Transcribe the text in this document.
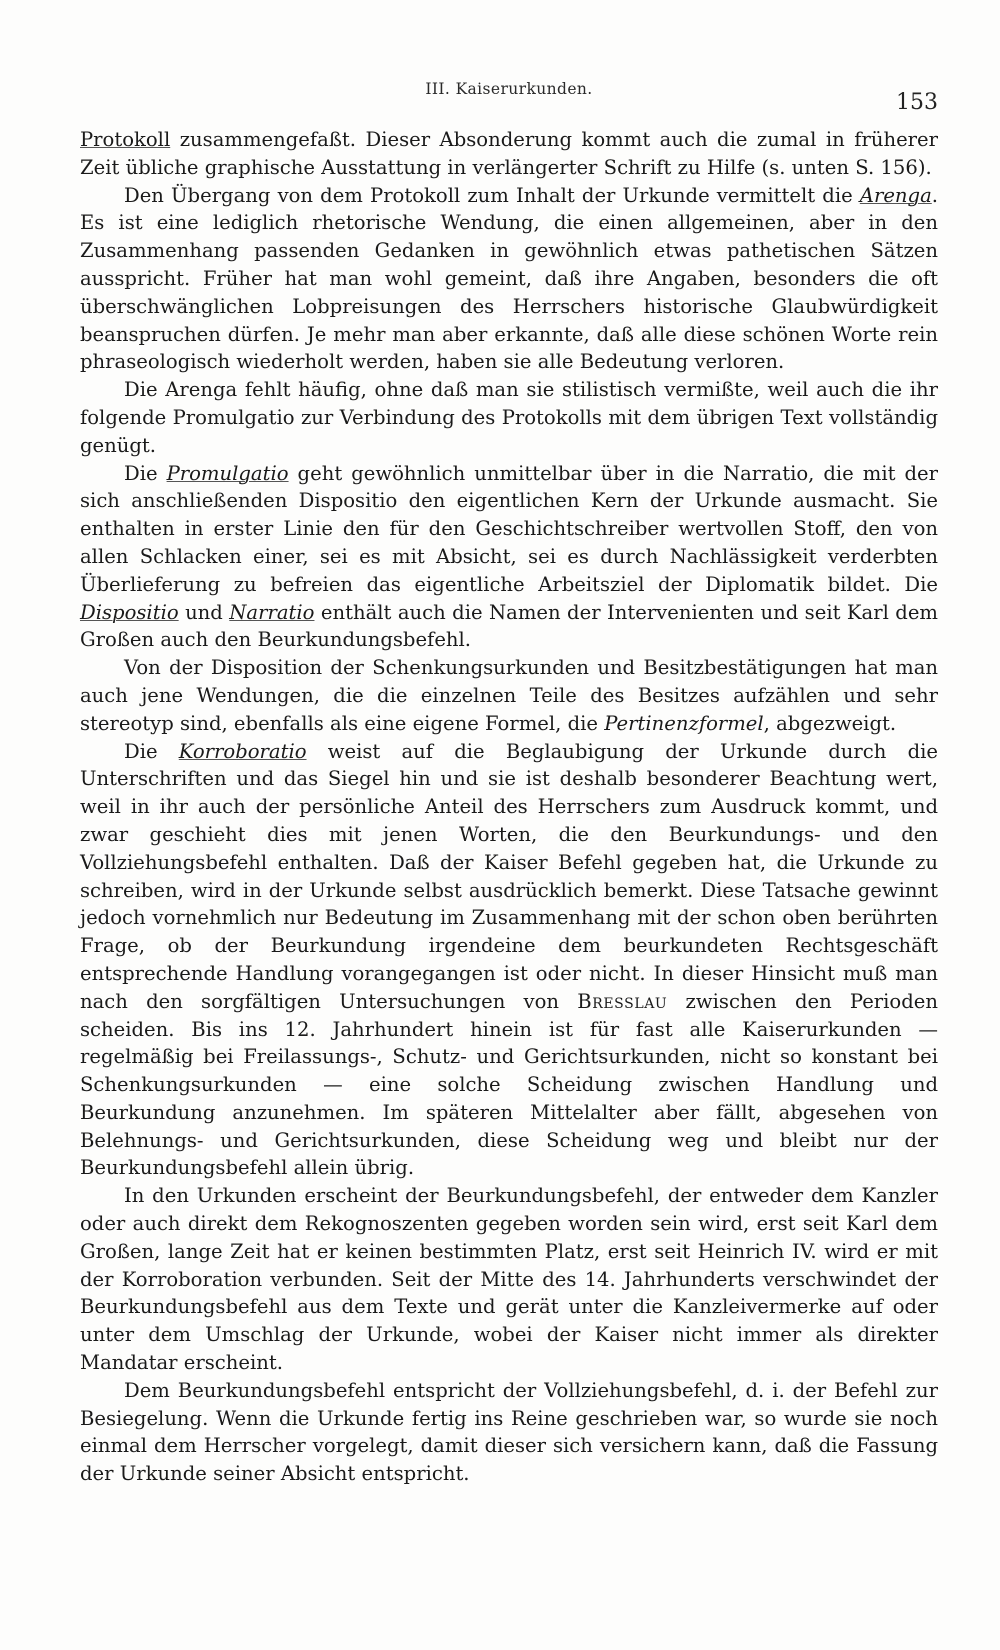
III. Kaiserurkunden.
153

Protokoll zusammengefaßt. Dieser Absonderung kommt auch die zumal in früherer Zeit übliche graphische Ausstattung in verlängerter Schrift zu Hilfe (s. unten S. 156).

Den Übergang von dem Protokoll zum Inhalt der Urkunde vermittelt die Arenga. Es ist eine lediglich rhetorische Wendung, die einen allgemeinen, aber in den Zusammenhang passenden Gedanken in gewöhnlich etwas pathetischen Sätzen ausspricht. Früher hat man wohl gemeint, daß ihre Angaben, besonders die oft überschwänglichen Lobpreisungen des Herrschers historische Glaubwürdigkeit beanspruchen dürfen. Je mehr man aber erkannte, daß alle diese schönen Worte rein phraseologisch wiederholt werden, haben sie alle Bedeutung verloren.

Die Arenga fehlt häufig, ohne daß man sie stilistisch vermißte, weil auch die ihr folgende Promulgatio zur Verbindung des Protokolls mit dem übrigen Text vollständig genügt.

Die Promulgatio geht gewöhnlich unmittelbar über in die Narratio, die mit der sich anschließenden Dispositio den eigentlichen Kern der Urkunde ausmacht. Sie enthalten in erster Linie den für den Geschichtschreiber wertvollen Stoff, den von allen Schlacken einer, sei es mit Absicht, sei es durch Nachlässigkeit verderbten Überlieferung zu befreien das eigentliche Arbeitsziel der Diplomatik bildet. Die Dispositio und Narratio enthält auch die Namen der Intervenienten und seit Karl dem Großen auch den Beurkundungsbefehl.

Von der Disposition der Schenkungsurkunden und Besitzbestätigungen hat man auch jene Wendungen, die die einzelnen Teile des Besitzes aufzählen und sehr stereotyp sind, ebenfalls als eine eigene Formel, die Pertinenzformel, abgezweigt.

Die Korroboratio weist auf die Beglaubigung der Urkunde durch die Unterschriften und das Siegel hin und sie ist deshalb besonderer Beachtung wert, weil in ihr auch der persönliche Anteil des Herrschers zum Ausdruck kommt, und zwar geschieht dies mit jenen Worten, die den Beurkundungs- und den Vollziehungsbefehl enthalten. Daß der Kaiser Befehl gegeben hat, die Urkunde zu schreiben, wird in der Urkunde selbst ausdrücklich bemerkt. Diese Tatsache gewinnt jedoch vornehmlich nur Bedeutung im Zusammenhang mit der schon oben berührten Frage, ob der Beurkundung irgendeine dem beurkundeten Rechtsgeschäft entsprechende Handlung vorangegangen ist oder nicht. In dieser Hinsicht muß man nach den sorgfältigen Untersuchungen von Bresslau zwischen den Perioden scheiden. Bis ins 12. Jahrhundert hinein ist für fast alle Kaiserurkunden — regelmäßig bei Freilassungs-, Schutz- und Gerichtsurkunden, nicht so konstant bei Schenkungsurkunden — eine solche Scheidung zwischen Handlung und Beurkundung anzunehmen. Im späteren Mittelalter aber fällt, abgesehen von Belehnungs- und Gerichtsurkunden, diese Scheidung weg und bleibt nur der Beurkundungsbefehl allein übrig.

In den Urkunden erscheint der Beurkundungsbefehl, der entweder dem Kanzler oder auch direkt dem Rekognoszenten gegeben worden sein wird, erst seit Karl dem Großen, lange Zeit hat er keinen bestimmten Platz, erst seit Heinrich IV. wird er mit der Korroboration verbunden. Seit der Mitte des 14. Jahrhunderts verschwindet der Beurkundungsbefehl aus dem Texte und gerät unter die Kanzleivermerke auf oder unter dem Umschlag der Urkunde, wobei der Kaiser nicht immer als direkter Mandatar erscheint.

Dem Beurkundungsbefehl entspricht der Vollziehungsbefehl, d. i. der Befehl zur Besiegelung. Wenn die Urkunde fertig ins Reine geschrieben war, so wurde sie noch einmal dem Herrscher vorgelegt, damit dieser sich versichern kann, daß die Fassung der Urkunde seiner Absicht entspricht.
